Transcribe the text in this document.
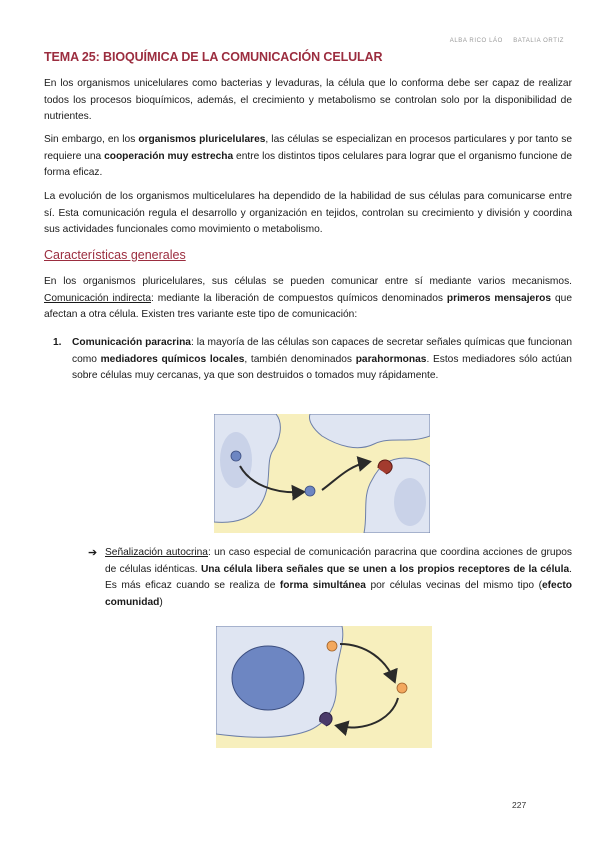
ALBA RICO LÁO BATALIA ORTIZ
TEMA 25: BIOQUÍMICA DE LA COMUNICACIÓN CELULAR

En los organismos unicelulares como bacterias y levaduras, la célula que lo conforma debe ser capaz de realizar todos los procesos bioquímicos, además, el crecimiento y metabolismo se controlan solo por la disponibilidad de nutrientes.

Sin embargo, en los organismos pluricelulares, las células se especializan en procesos particulares y por tanto se requiere una cooperación muy estrecha entre los distintos tipos celulares para lograr que el organismo funcione de forma eficaz.

La evolución de los organismos multicelulares ha dependido de la habilidad de sus células para comunicarse entre sí. Esta comunicación regula el desarrollo y organización en tejidos, controlan su crecimiento y división y coordina sus actividades funcionales como movimiento o metabolismo.

Características generales

En los organismos pluricelulares, sus células se pueden comunicar entre sí mediante varios mecanismos. Comunicación indirecta: mediante la liberación de compuestos químicos denominados primeros mensajeros que afectan a otra célula. Existen tres variante este tipo de comunicación:

1. Comunicación paracrina: la mayoría de las células son capaces de secretar señales químicas que funcionan como mediadores químicos locales, también denominados parahormonas. Estos mediadores sólo actúan sobre células muy cercanas, ya que son destruidos o tomados muy rápidamente.

➔ Señalización autocrina: un caso especial de comunicación paracrina que coordina acciones de grupos de células idénticas. Una célula libera señales que se unen a los propios receptores de la célula. Es más eficaz cuando se realiza de forma simultánea por células vecinas del mismo tipo (efecto comunidad)

227
